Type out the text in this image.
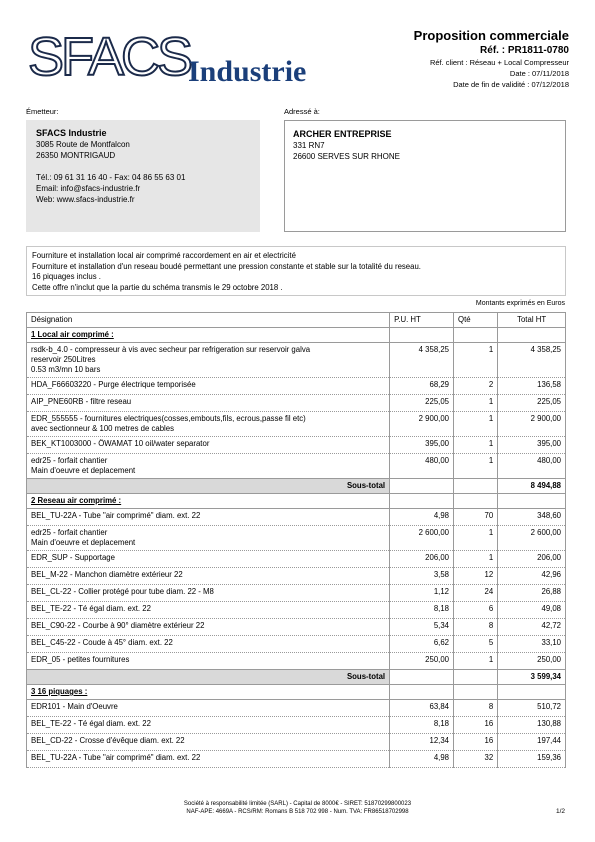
SFACS
Industrie
Proposition commerciale
Réf. : PR1811-0780
Réf. client : Réseau + Local Compresseur
Date : 07/11/2018
Date de fin de validité : 07/12/2018
Émetteur:
SFACS Industrie
3085 Route de Montfalcon
26350 MONTRIGAUD
Tél.: 09 61 31 16 40 - Fax: 04 86 55 63 01
Email: info@sfacs-industrie.fr
Web: www.sfacs-industrie.fr
Adressé à:
ARCHER ENTREPRISE
331 RN7
26600 SERVES SUR RHONE
Fourniture et installation local air comprimé raccordement en air et electricité
Fourniture et installation d'un reseau boudé permettant une pression constante et stable sur la totalité du reseau.
16 piquages inclus .
Cette offre n'inclut que la partie du schéma transmis le 29 octobre 2018 .
Montants exprimés en Euros
Désignation	P.U. HT	Qté	Total HT
1 Local air comprimé :			

rsdk-b_4.0 - compresseur à vis avec secheur par refrigeration sur reservoir galva
reservoir 250Litres
0.53 m3/mn 10 bars	4 358,25	1	4 358,25

HDA_F66603220 - Purge électrique temporisée	68,29	2	136,58

AIP_PNE60RB - filtre reseau	225,05	1	225,05

EDR_555555 - fournitures electriques(cosses,embouts,fils, ecrous,passe fil etc)
avec sectionneur & 100 metres de cables	2 900,00	1	2 900,00

BEK_KT1003000 - ÖWAMAT 10 oil/water separator	395,00	1	395,00

edr25 - forfait chantier
Main d'oeuvre et deplacement	480,00	1	480,00
Sous-total			8 494,88
2 Reseau air comprimé :			

BEL_TU-22A - Tube "air comprimé" diam. ext. 22	4,98	70	348,60

edr25 - forfait chantier
Main d'oeuvre et deplacement	2 600,00	1	2 600,00

EDR_SUP - Supportage	206,00	1	206,00

BEL_M-22 - Manchon diamètre extérieur 22	3,58	12	42,96

BEL_CL-22 - Collier protégé pour tube diam. 22 - M8	1,12	24	26,88

BEL_TE-22 - Té égal diam. ext. 22	8,18	6	49,08

BEL_C90-22 - Courbe à 90° diamètre extérieur 22	5,34	8	42,72

BEL_C45-22 - Coude à 45° diam. ext. 22	6,62	5	33,10

EDR_05 - petites fournitures	250,00	1	250,00
Sous-total			3 599,34
3 16 piquages :			

EDR101 - Main d'Oeuvre	63,84	8	510,72

BEL_TE-22 - Té égal diam. ext. 22	8,18	16	130,88

BEL_CD-22 - Crosse d'évêque diam. ext. 22	12,34	16	197,44

BEL_TU-22A - Tube "air comprimé" diam. ext. 22	4,98	32	159,36
Société à responsabilité limitée (SARL) - Capital de 8000€ - SIRET: 51870299800023
NAF-APE: 4669A - RCS/RM: Romans B 518 702 998 - Num. TVA: FR86518702998	1/2
